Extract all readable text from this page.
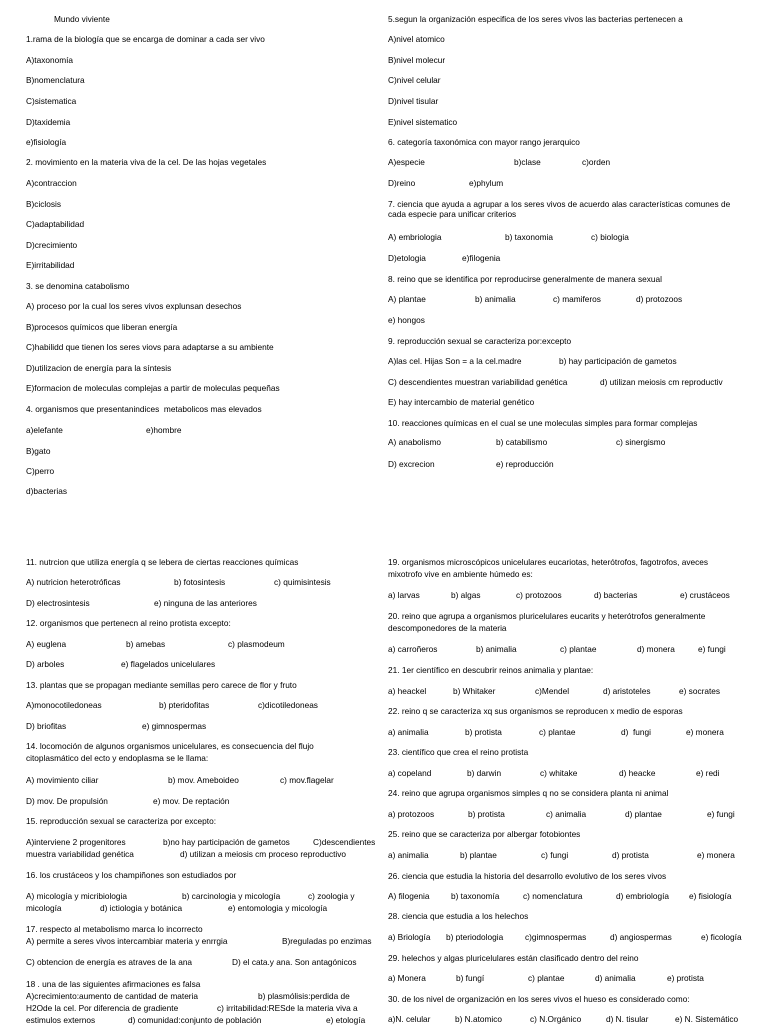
Mundo viviente
1.rama de la biología que se encarga de dominar a cada ser vivo
A)taxonomía
B)nomenclatura
C)sistematica
D)taxidemia
e)fisiología
2. movimiento en la materia viva de la cel. De las hojas vegetales
A)contraccion
B)ciclosis
C)adaptabilidad
D)crecimiento
E)irritabilidad
3. se denomina catabolismo
A) proceso por la cual los seres vivos explunsan desechos
B)procesos químicos que liberan energía
C)habilidd que tienen los seres viovs para adaptarse a su ambiente
D)utilizacion de energía para la síntesis
E)formacion de moleculas complejas a partir de moleculas pequeñas
4. organismos que presentanindices  metabolicos mas elevados
a)elefante	e)hombre
B)gato
C)perro
d)bacterias
5.segun la organización especifica de los seres vivos las bacterias pertenecen a
A)nivel atomico
B)nivel molecur
C)nivel celular
D)nivel tisular
E)nivel sistematico
6. categoría taxonómica con mayor rango jerarquico
A)especie	b)clase	c)orden
D)reino	e)phylum
7. ciencia que ayuda a agrupar a los seres vivos de acuerdo alas características comunes de cada especie para unificar criterios
A) embriologia	b) taxonomia	c) biologia
D)etologia	e)filogenia
8. reino que se identifica por reproducirse generalmente de manera sexual
A) plantae	b) animalia	c) mamiferos	d) protozoos
e) hongos
9. reproducción sexual se caracteriza por:excepto
A)las cel. Hijas Son = a la cel.madre	b) hay participación de gametos
C) descendientes muestran variabilidad genética	d) utilizan meiosis cm reproductiv
E) hay intercambio de material genético
10. reacciones químicas en el cual se une moleculas simples para formar complejas
A) anabolismo	b) catabilismo	c) sinergismo
D) excrecion	e) reproducción
11. nutrcion que utiliza energía q se lebera de ciertas reacciones químicas
A) nutricion heterotróficas	b) fotosintesis	c) quimisintesis
D) electrosintesis	e) ninguna de las anteriores
12. organismos que pertenecn al reino protista excepto:
A) euglena	b) amebas	c) plasmodeum
D) arboles	e) flagelados unicelulares
13. plantas que se propagan mediante semillas pero carece de flor y fruto
A)monocotiledoneas	b) pteridofitas	c)dicotiledoneas
D) briofitas	e) gimnospermas
14. locomoción de algunos organismos unicelulares, es consecuencia del flujo
citoplasmático del ecto y endoplasma se le llama:
A) movimiento ciliar	b) mov. Ameboideo	c) mov.flagelar
D) mov. De propulsión	e) mov. De reptación
15. reproducción sexual se caracteriza por excepto:
A)interviene 2 progenitores	b)no hay participación de gametos	C)descendientes
muestra variabilidad genética	d) utilizan a meiosis cm proceso reproductivo
16. los crustáceos y los champiñones son estudiados por
A) micología y micribiologia	b) carcinologia y micología	c) zoologia y
micología	d) ictiologia y botánica	e) entomologia y micología
17. respecto al metabolismo marca lo incorrecto
A) permite a seres vivos intercambiar materia y enrrgia	B)reguladas po enzimas
C) obtencion de energía es atraves de la ana	D) el cata.y ana. Son antagónicos
18 . una de las siguientes afirmaciones es falsa
A)crecimiento:aumento de cantidad de materia	b) plasmólisis:perdida de
H2Ode la cel. Por diferencia de gradiente	c) irritabilidad:RESde la materia viva a
estimulos externos	d) comunidad:conjunto de población	e) etología
19. organismos microscópicos unicelulares eucariotas, heterótrofos, fagotrofos, aveces
mixotrofo vive en ambiente húmedo es:
a) larvas	b) algas	c) protozoos	d) bacterias	e) crustáceos
20. reino que agrupa a organismos pluricelulares eucarits y heterótrofos generalmente
descomponedores de la materia
a) carroñeros	b) animalia	c) plantae	d) monera	e) fungi
21. 1er científico en descubrir reinos animalia y plantae:
a) heackel	b) Whitaker	c)Mendel	d) aristoteles	e) socrates
22. reino q se caracteriza xq sus organismos se reproducen x medio de esporas
a) animalia	b) protista	c) plantae	d)  fungi	e) monera
23. científico que crea el reino protista
a) copeland	b) darwin	c) whitake	d) heacke	e) redi
24. reino que agrupa organismos simples q no se considera planta ni animal
a) protozoos	b) protista	c) animalia	d) plantae	e) fungi
25. reino que se caracteriza por albergar fotobiontes
a) animalia	b) plantae	c) fungi	d) protista	e) monera
26. ciencia que estudia la historia del desarrollo evolutivo de los seres vivos
A) filogenia	b) taxonomía	c) nomenclatura	d) embriología e) fisiología
28. ciencia que estudia a los helechos
a) Briología b) pteriodologia	c)gimnospermas	d) angiospermas	e) ficología
29. helechos y algas pluricelulares están clasificado dentro del reino
a) Monera	b) fungí	c) plantae	d) animalia	e) protista
30. de los nivel de organización en los seres vivos el hueso es considerado como:
a)N. celular	b) N.atomico	c) N.Orgánico	d) N. tisular	e) N. Sistemático
